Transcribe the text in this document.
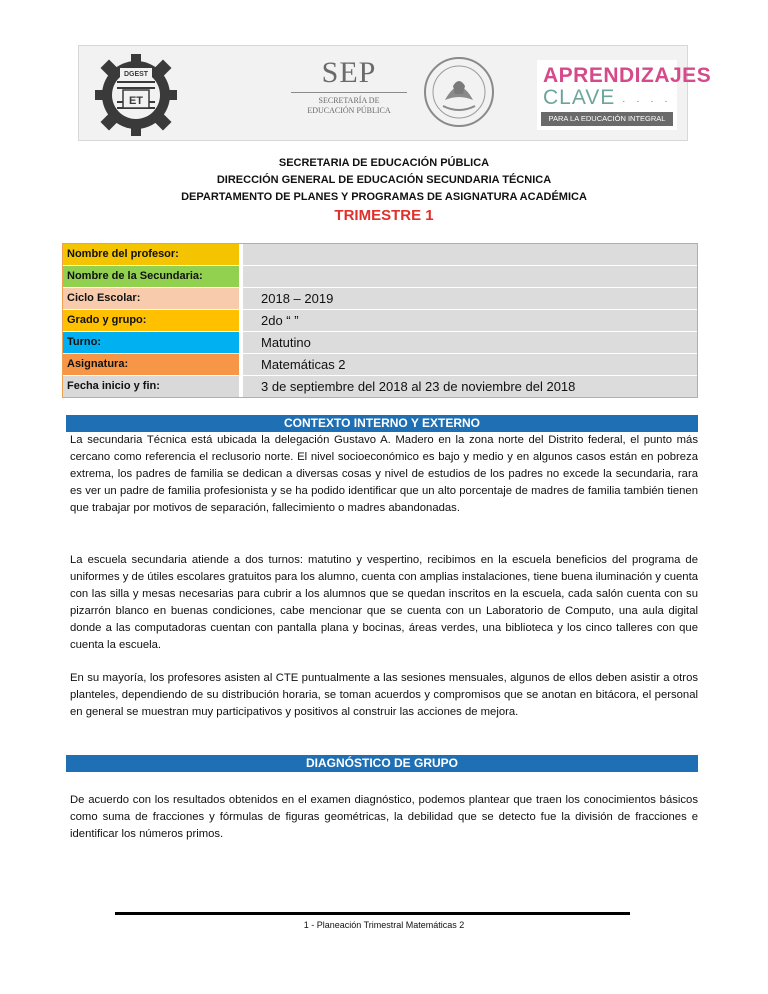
ET
DGEST	SEP
SECRETARÍA DE
EDUCACIÓN PÚBLICA
APRENDIZAJES
CLAVE · · · ·
PARA LA EDUCACIÓN INTEGRAL
SECRETARIA DE EDUCACIÓN PÚBLICA
DIRECCIÓN GENERAL DE EDUCACIÓN SECUNDARIA TÉCNICA
DEPARTAMENTO DE PLANES Y PROGRAMAS DE ASIGNATURA ACADÉMICA
TRIMESTRE 1
Nombre del profesor:
Nombre de la Secundaria:
Ciclo Escolar:	2018 – 2019
Grado y grupo:	2do “ ”
Turno:	Matutino
Asignatura:	Matemáticas 2
Fecha inicio y fin:	3 de septiembre del 2018 al 23 de noviembre del 2018
CONTEXTO INTERNO Y EXTERNO

La secundaria Técnica está ubicada la delegación Gustavo A. Madero en la zona norte del Distrito federal, el punto más cercano como referencia el reclusorio norte. El nivel socioeconómico es bajo y medio y en algunos casos están en pobreza extrema, los padres de familia se dedican a diversas cosas y nivel de estudios de los padres no excede la secundaria, rara es ver un padre de familia profesionista y se ha podido identificar que un alto porcentaje de madres de familia también tienen que trabajar por motivos de separación, fallecimiento o madres abandonadas.

La escuela secundaria atiende a dos turnos: matutino y vespertino, recibimos en la escuela beneficios del programa de uniformes y de útiles escolares gratuitos para los alumno, cuenta con amplias instalaciones, tiene buena iluminación y cuenta con las silla y mesas necesarias para cubrir a los alumnos que se quedan inscritos en la escuela, cada salón cuenta con su pizarrón blanco en buenas condiciones, cabe mencionar que se cuenta con un Laboratorio de Computo, una aula digital donde a las computadoras cuentan con pantalla plana y bocinas, áreas verdes, una biblioteca y los cinco talleres con que cuenta la escuela.

En su mayoría, los profesores asisten al CTE puntualmente a las sesiones mensuales, algunos de ellos deben asistir a otros planteles, dependiendo de su distribución horaria, se toman acuerdos y compromisos que se anotan en bitácora, el personal en general se muestran muy participativos y positivos al construir las acciones de mejora.

DIAGNÓSTICO DE GRUPO

De acuerdo con los resultados obtenidos en el examen diagnóstico, podemos plantear que traen los conocimientos básicos como suma de fracciones y fórmulas de figuras geométricas, la debilidad que se detecto fue la división de fracciones e identificar los números primos.

1 - Planeación Trimestral Matemáticas 2
